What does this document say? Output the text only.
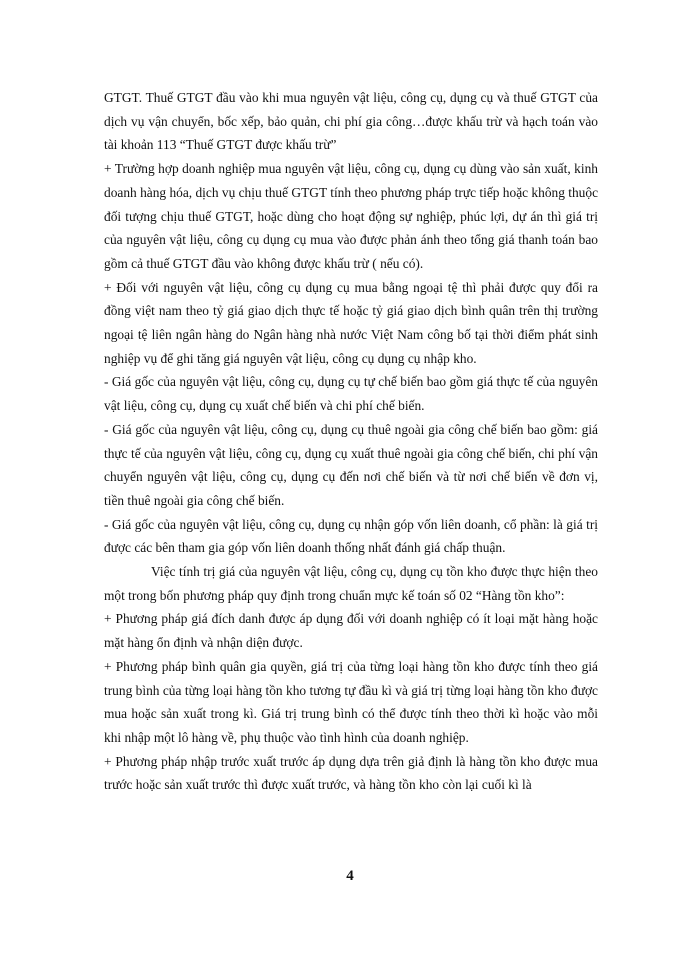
GTGT. Thuế GTGT đầu vào khi mua nguyên vật liệu, công cụ, dụng cụ và thuế GTGT của dịch vụ vận chuyển, bốc xếp, bảo quản, chi phí gia công…được khấu trừ và hạch toán vào tài khoản 113 “Thuế GTGT được khấu trừ”

+ Trường hợp doanh nghiệp mua nguyên vật liệu, công cụ, dụng cụ dùng vào sản xuất, kinh doanh hàng hóa, dịch vụ chịu thuế GTGT tính theo phương pháp trực tiếp hoặc không thuộc đối tượng chịu thuế GTGT, hoặc dùng cho hoạt động sự nghiệp, phúc lợi, dự án thì giá trị của nguyên vật liệu, công cụ dụng cụ mua vào được phản ánh theo tổng giá thanh toán bao gồm cả thuế GTGT đầu vào không được khấu trừ ( nếu có).

+ Đối với nguyên vật liệu, công cụ dụng cụ mua bằng ngoại tệ thì phải được quy đổi ra đồng việt nam theo tỷ giá giao dịch thực tế hoặc tỷ giá giao dịch bình quân trên thị trường ngoại tệ liên ngân hàng do Ngân hàng nhà nước Việt Nam công bố tại thời điểm phát sinh nghiệp vụ để ghi tăng giá nguyên vật liệu, công cụ dụng cụ nhập kho.

- Giá gốc của nguyên vật liệu, công cụ, dụng cụ tự chế biến bao gồm giá thực tế của nguyên vật liệu, công cụ, dụng cụ xuất chế biến và chi phí chế biến.

- Giá gốc của nguyên vật liệu, công cụ, dụng cụ thuê ngoài gia công chế biến bao gồm: giá thực tế của nguyên vật liệu, công cụ, dụng cụ xuất thuê ngoài gia công chế biến, chi phí vận chuyển nguyên vật liệu, công cụ, dụng cụ đến nơi chế biến và từ nơi chế biến về đơn vị, tiền thuê ngoài gia công chế biến.

- Giá gốc của nguyên vật liệu, công cụ, dụng cụ nhận góp vốn liên doanh, cổ phần: là giá trị được các bên tham gia góp vốn liên doanh thống nhất đánh giá chấp thuận.

Việc tính trị giá của nguyên vật liệu, công cụ, dụng cụ tồn kho được thực hiện theo một trong bốn phương pháp quy định trong chuẩn mực kế toán số 02 “Hàng tồn kho”:

+ Phương pháp giá đích danh được áp dụng đối với doanh nghiệp có ít loại mặt hàng hoặc mặt hàng ổn định và nhận diện được.

+ Phương pháp bình quân gia quyền, giá trị của từng loại hàng tồn kho được tính theo giá trung bình của từng loại hàng tồn kho tương tự đầu kì và giá trị từng loại hàng tồn kho được mua hoặc sản xuất trong kì. Giá trị trung bình có thể được tính theo thời kì hoặc vào mỗi khi nhập một lô hàng về, phụ thuộc vào tình hình của doanh nghiệp.

+ Phương pháp nhập trước xuất trước áp dụng dựa trên giả định là hàng tồn kho được mua trước hoặc sản xuất trước thì được xuất trước, và hàng tồn kho còn lại cuối kì là

4
